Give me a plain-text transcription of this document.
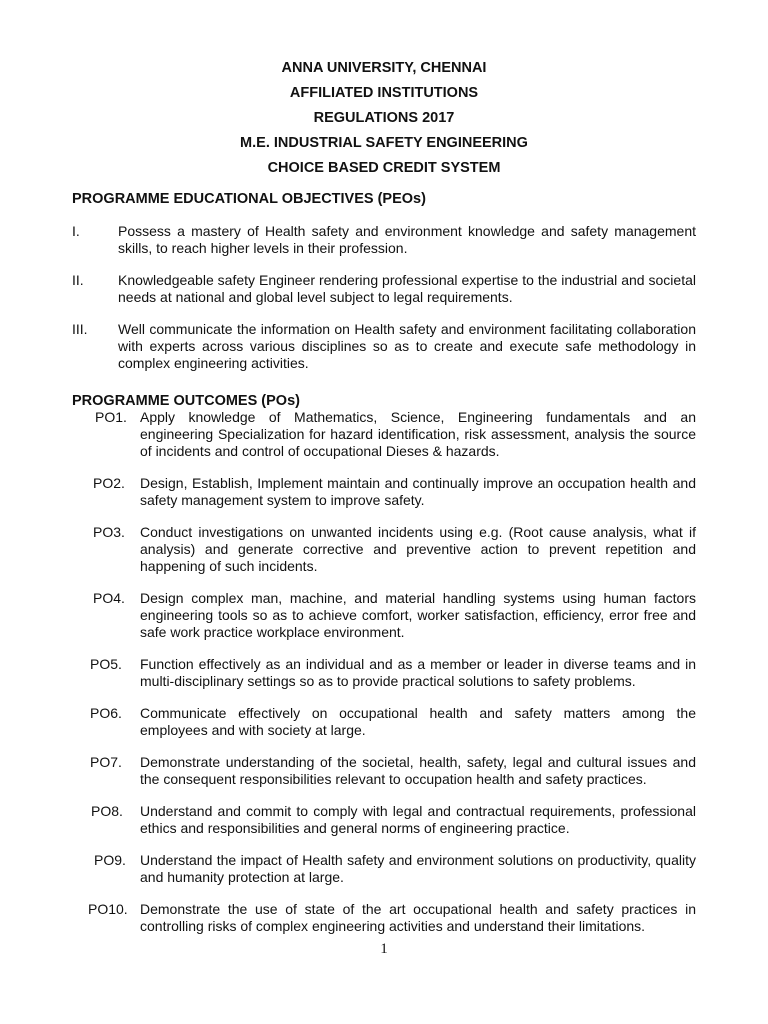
ANNA UNIVERSITY, CHENNAI
AFFILIATED INSTITUTIONS
REGULATIONS 2017
M.E. INDUSTRIAL SAFETY ENGINEERING
CHOICE BASED CREDIT SYSTEM
PROGRAMME EDUCATIONAL OBJECTIVES (PEOs)
I.	Possess a mastery of Health safety and environment knowledge and safety management skills, to reach higher levels in their profession.
II. Knowledgeable safety Engineer rendering professional expertise to the industrial and societal needs at national and global level subject to legal requirements.
III. Well communicate the information on Health safety and environment facilitating collaboration with experts across various disciplines so as to create and execute safe methodology in complex engineering activities.
PROGRAMME OUTCOMES (POs)
PO1. Apply knowledge of Mathematics, Science, Engineering fundamentals and an engineering Specialization for hazard identification, risk assessment, analysis the source of incidents and control of occupational Dieses & hazards.
PO2. Design, Establish, Implement maintain and continually improve an occupation health and safety management system to improve safety.
PO3. Conduct investigations on unwanted incidents using e.g. (Root cause analysis, what if analysis) and generate corrective and preventive action to prevent repetition and happening of such incidents.
PO4. Design complex man, machine, and material handling systems using human factors engineering tools so as to achieve comfort, worker satisfaction, efficiency, error free and safe work practice workplace environment.
PO5. Function effectively as an individual and as a member or leader in diverse teams and in multi-disciplinary settings so as to provide practical solutions to safety problems.
PO6. Communicate effectively on occupational health and safety matters among the employees and with society at large.
PO7. Demonstrate understanding of the societal, health, safety, legal and cultural issues and the consequent responsibilities relevant to occupation health and safety practices.
PO8. Understand and commit to comply with legal and contractual requirements, professional ethics and responsibilities and general norms of engineering practice.
PO9. Understand the impact of Health safety and environment solutions on productivity, quality and humanity protection at large.
PO10. Demonstrate the use of state of the art occupational health and safety practices in controlling risks of complex engineering activities and understand their limitations.
1
